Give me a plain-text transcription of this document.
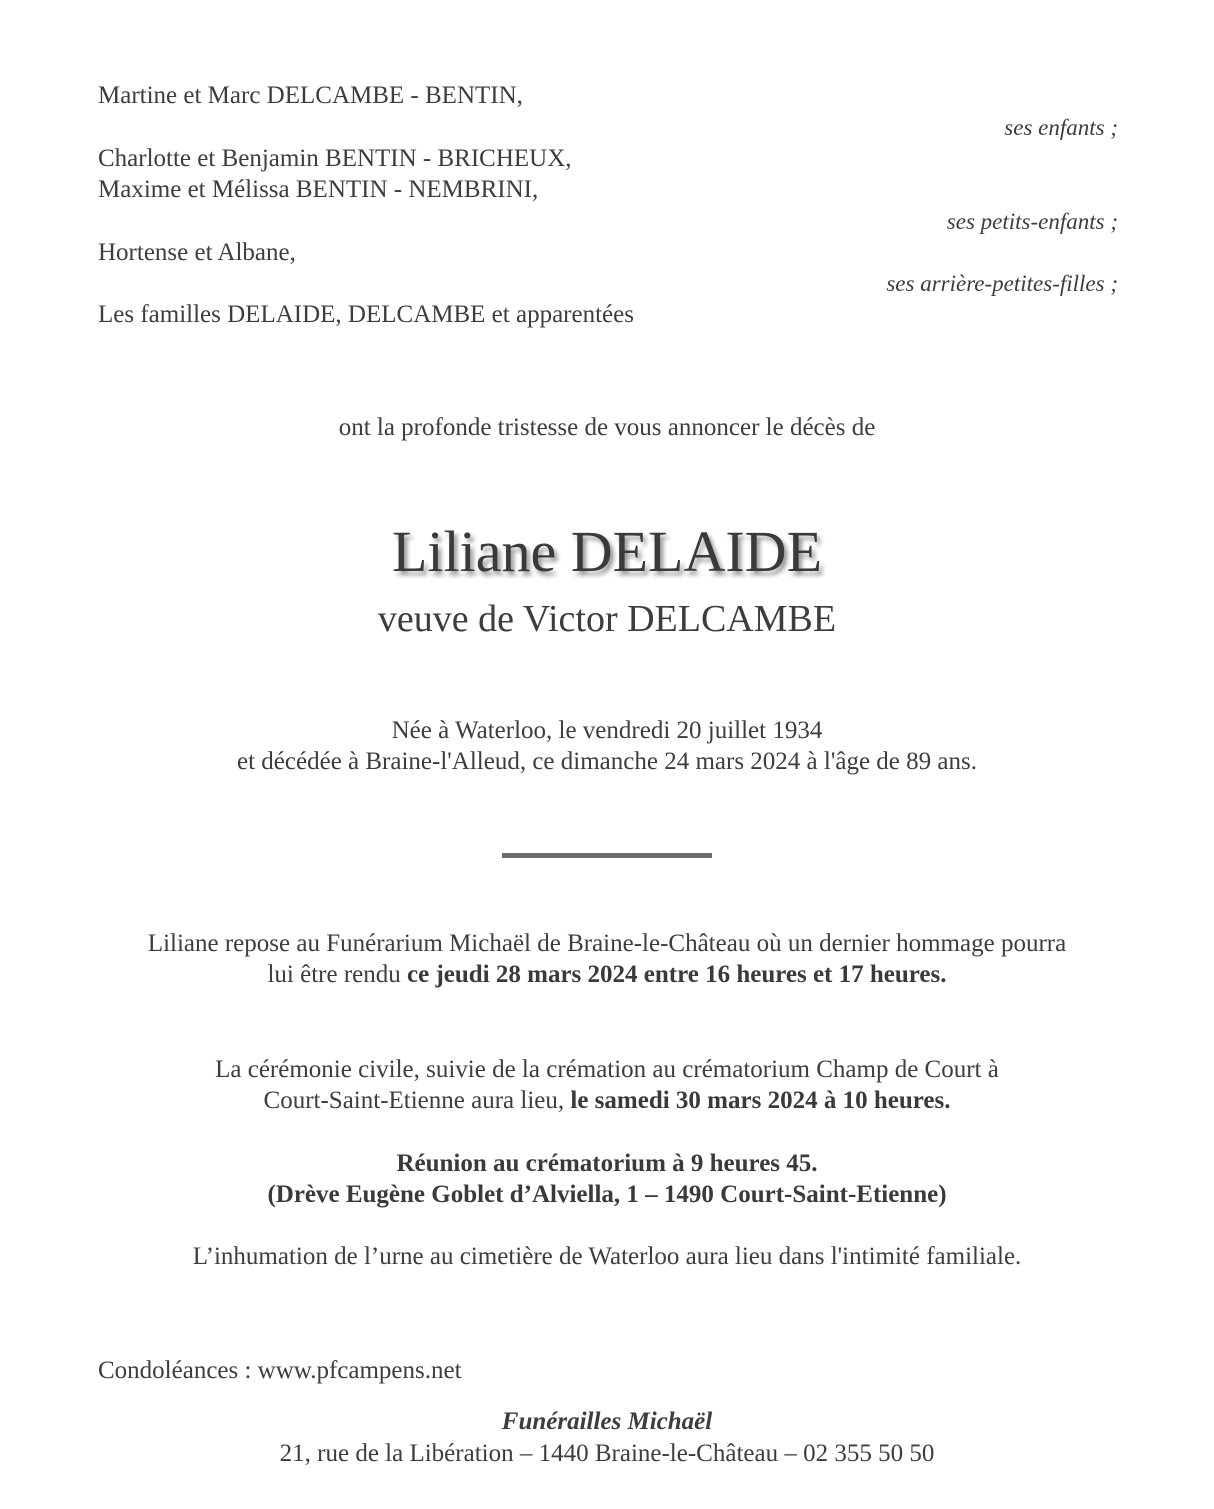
Martine et Marc DELCAMBE - BENTIN,
ses enfants ;
Charlotte et Benjamin BENTIN - BRICHEUX,
Maxime et Mélissa BENTIN - NEMBRINI,
ses petits-enfants ;
Hortense et Albane,
ses arrière-petites-filles ;
Les familles DELAIDE, DELCAMBE et apparentées
ont la profonde tristesse de vous annoncer le décès de
Liliane DELAIDE
veuve de Victor DELCAMBE
Née à Waterloo, le vendredi 20 juillet 1934
et décédée à Braine-l'Alleud, ce dimanche 24 mars 2024 à l'âge de 89 ans.
Liliane repose au Funérarium Michaël de Braine-le-Château où un dernier hommage pourra
lui être rendu ce jeudi 28 mars 2024 entre 16 heures et 17 heures.
La cérémonie civile, suivie de la crémation au crématorium Champ de Court à
Court-Saint-Etienne aura lieu, le samedi 30 mars 2024 à 10 heures.
Réunion au crématorium à 9 heures 45.
(Drève Eugène Goblet d’Alviella, 1 – 1490 Court-Saint-Etienne)
L’inhumation de l’urne au cimetière de Waterloo aura lieu dans l'intimité familiale.
Condoléances : www.pfcampens.net
Funérailles Michaël
21, rue de la Libération – 1440 Braine-le-Château – 02 355 50 50
